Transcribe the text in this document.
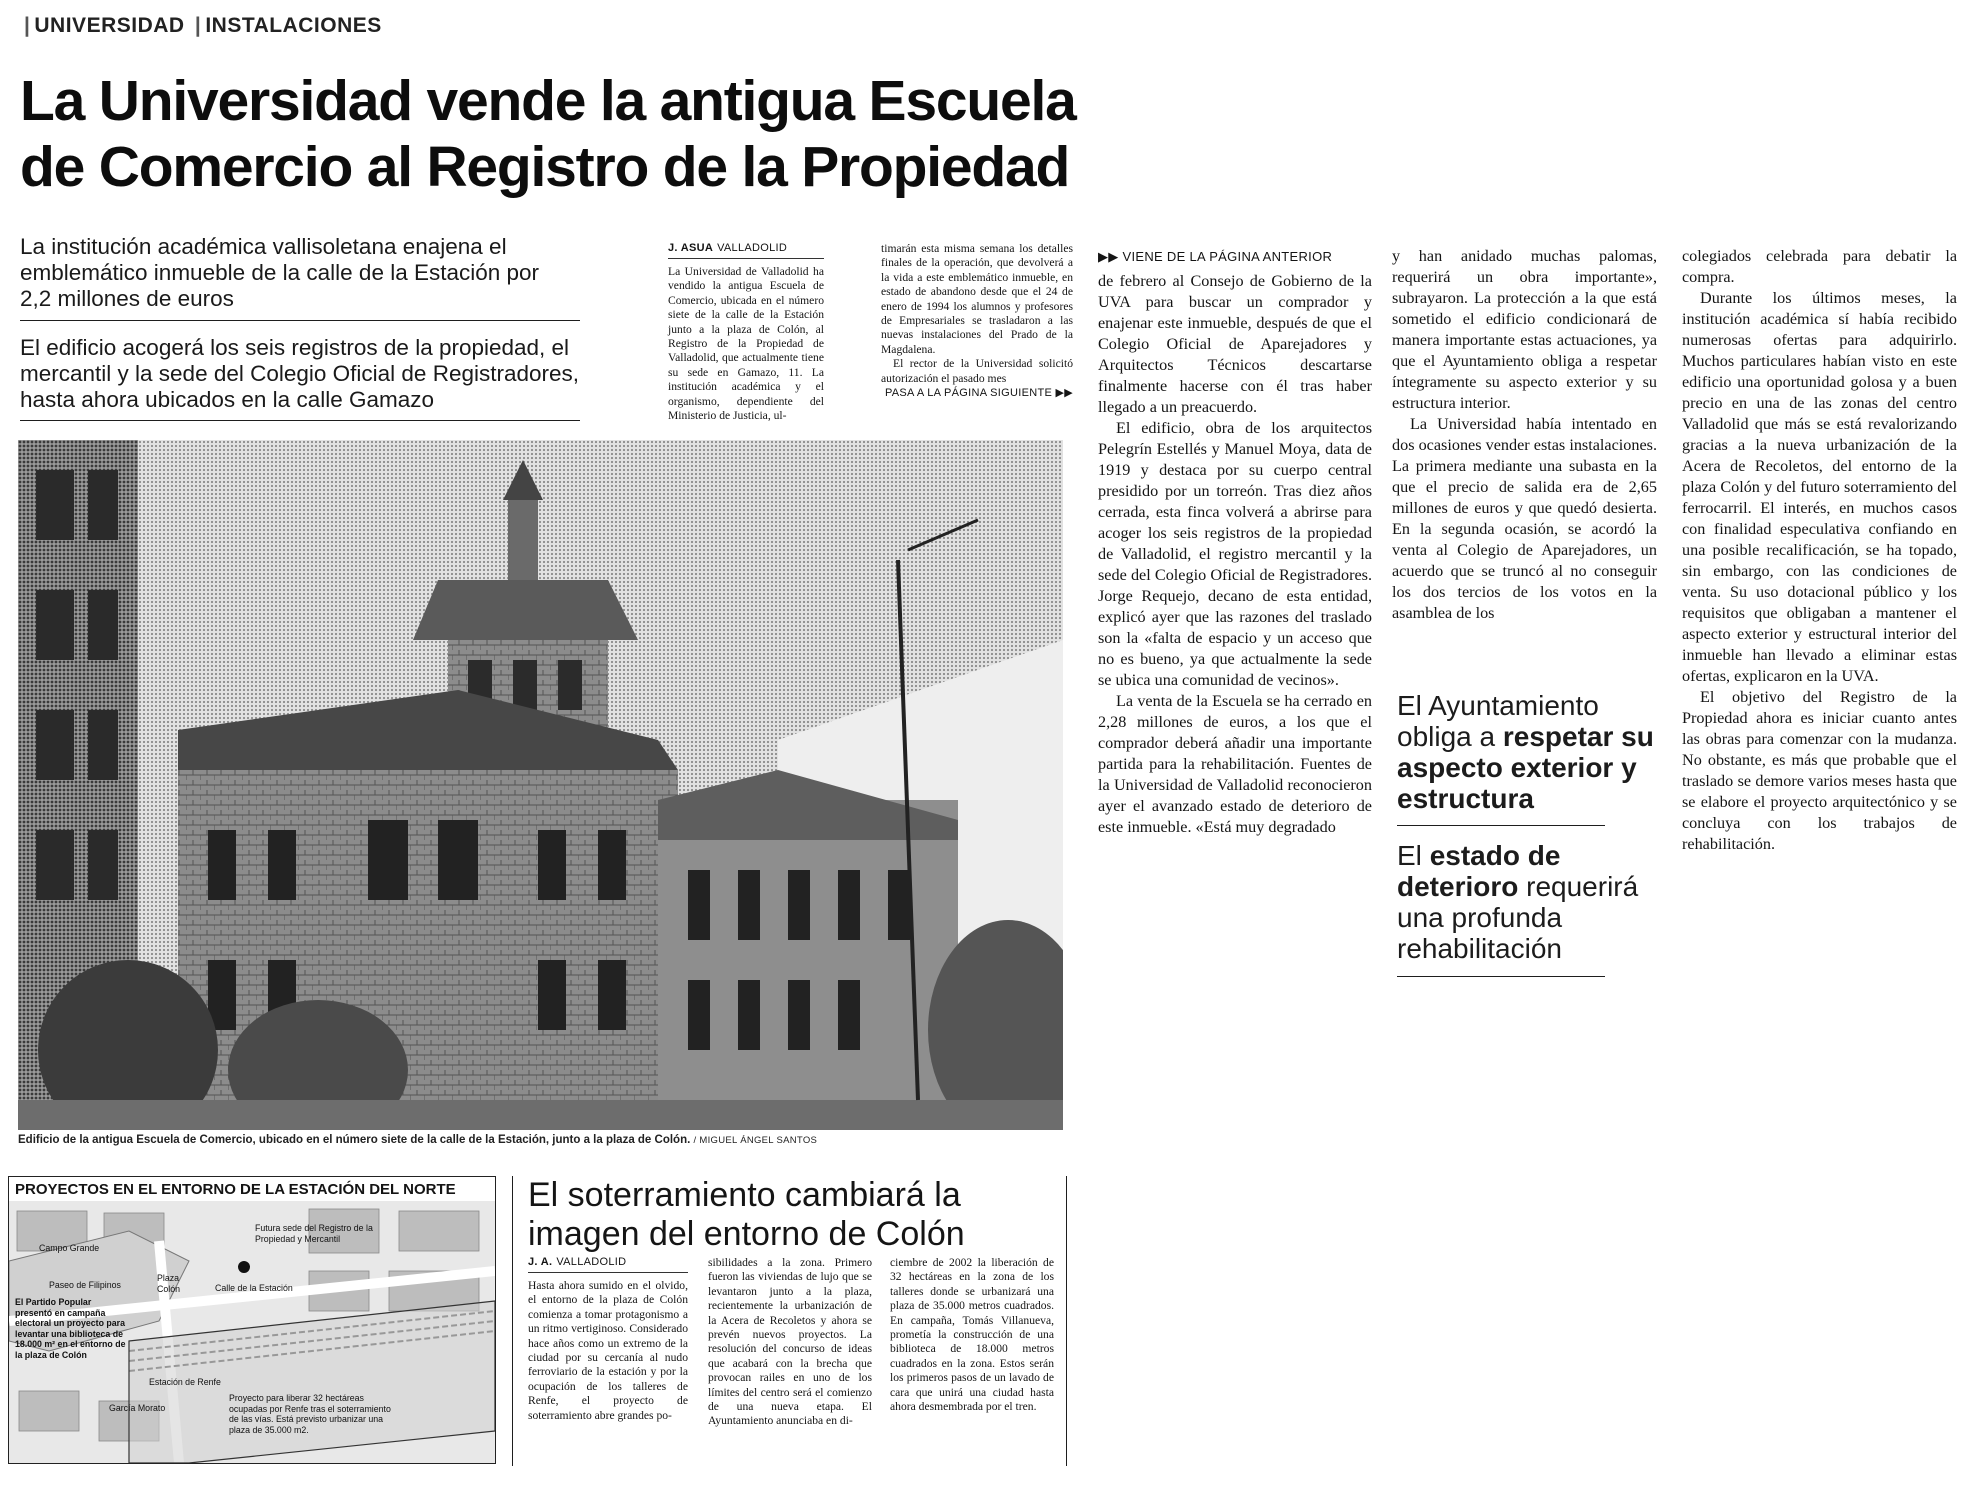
| UNIVERSIDAD | INSTALACIONES
La Universidad vende la antigua Escuela de Comercio al Registro de la Propiedad
La institución académica vallisoletana enajena el emblemático inmueble de la calle de la Estación por 2,2 millones de euros
El edificio acogerá los seis registros de la propiedad, el mercantil y la sede del Colegio Oficial de Registradores, hasta ahora ubicados en la calle Gamazo
J. ASUA VALLADOLID

La Universidad de Valladolid ha vendido la antigua Escuela de Comercio, ubicada en el número siete de la calle de la Estación junto a la plaza de Colón, al Registro de la Propiedad de Valladolid, que actualmente tiene su sede en Gamazo, 11. La institución académica y el organismo, dependiente del Ministerio de Justicia, ul-

timarán esta misma semana los detalles finales de la operación, que devolverá a la vida a este emblemático inmueble, en estado de abandono desde que el 24 de enero de 1994 los alumnos y profesores de Empresariales se trasladaron a las nuevas instalaciones del Prado de la Magdalena.

El rector de la Universidad solicitó autorización el pasado mes

PASA A LA PÁGINA SIGUIENTE ▶▶
Edificio de la antigua Escuela de Comercio, ubicado en el número siete de la calle de la Estación, junto a la plaza de Colón. / MIGUEL ÁNGEL SANTOS
▶▶ VIENE DE LA PÁGINA ANTERIOR

de febrero al Consejo de Gobierno de la UVA para buscar un comprador y enajenar este inmueble, después de que el Colegio Oficial de Aparejadores y Arquitectos Técnicos descartarse finalmente hacerse con él tras haber llegado a un preacuerdo.

El edificio, obra de los arquitectos Pelegrín Estellés y Manuel Moya, data de 1919 y destaca por su cuerpo central presidido por un torreón. Tras diez años cerrada, esta finca volverá a abrirse para acoger los seis registros de la propiedad de Valladolid, el registro mercantil y la sede del Colegio Oficial de Registradores. Jorge Requejo, decano de esta entidad, explicó ayer que las razones del traslado son la «falta de espacio y un acceso que no es bueno, ya que actualmente la sede se ubica una comunidad de vecinos».

La venta de la Escuela se ha cerrado en 2,28 millones de euros, a los que el comprador deberá añadir una importante partida para la rehabilitación. Fuentes de la Universidad de Valladolid reconocieron ayer el avanzado estado de deterioro de este inmueble. «Está muy degradado

y han anidado muchas palomas, requerirá un obra importante», subrayaron. La protección a la que está sometido el edificio condicionará de manera importante estas actuaciones, ya que el Ayuntamiento obliga a respetar íntegramente su aspecto exterior y su estructura interior.

La Universidad había intentado en dos ocasiones vender estas instalaciones. La primera mediante una subasta en la que el precio de salida era de 2,65 millones de euros y que quedó desierta. En la segunda ocasión, se acordó la venta al Colegio de Aparejadores, un acuerdo que se truncó al no conseguir los dos tercios de los votos en la asamblea de los

El Ayuntamiento obliga a respetar su aspecto exterior y estructura
El estado de deterioro requerirá una profunda rehabilitación

colegiados celebrada para debatir la compra.

Durante los últimos meses, la institución académica sí había recibido numerosas ofertas para adquirirlo. Muchos particulares habían visto en este edificio una oportunidad golosa y a buen precio en una de las zonas del centro Valladolid que más se está revalorizando gracias a la nueva urbanización de la Acera de Recoletos, del entorno de la plaza Colón y del futuro soterramiento del ferrocarril. El interés, en muchos casos con finalidad especulativa confiando en una posible recalificación, se ha topado, sin embargo, con las condiciones de venta. Su uso dotacional público y los requisitos que obligaban a mantener el aspecto exterior y estructural interior del inmueble han llevado a eliminar estas ofertas, explicaron en la UVA.

El objetivo del Registro de la Propiedad ahora es iniciar cuanto antes las obras para comenzar con la mudanza. No obstante, es más que probable que el traslado se demore varios meses hasta que se elabore el proyecto arquitectónico y se concluya con los trabajos de rehabilitación.

PROYECTOS EN EL ENTORNO DE LA ESTACIÓN DEL NORTE
Campo Grande
Paseo de Filipinos
Plaza Colón	Calle de la Estación
Futura sede del Registro de la Propiedad y Mercantil
El Partido Popular presentó en campaña electoral un proyecto para levantar una biblioteca de 18.000 m² en el entorno de la plaza de Colón
García Morato
Estación de Renfe
Proyecto para liberar 32 hectáreas ocupadas por Renfe tras el soterramiento de las vías. Está previsto urbanizar una plaza de 35.000 m2.
El soterramiento cambiará la imagen del entorno de Colón
J. A. VALLADOLID

Hasta ahora sumido en el olvido, el entorno de la plaza de Colón comienza a tomar protagonismo a un ritmo vertiginoso. Considerado hace años como un extremo de la ciudad por su cercanía al nudo ferroviario de la estación y por la ocupación de los talleres de Renfe, el proyecto de soterramiento abre grandes po-

sibilidades a la zona. Primero fueron las viviendas de lujo que se levantaron junto a la plaza, recientemente la urbanización de la Acera de Recoletos y ahora se prevén nuevos proyectos. La resolución del concurso de ideas que acabará con la brecha que provocan railes en uno de los límites del centro será el comienzo de una nueva etapa. El Ayuntamiento anunciaba en di-

ciembre de 2002 la liberación de 32 hectáreas en la zona de los talleres donde se urbanizará una plaza de 35.000 metros cuadrados. En campaña, Tomás Villanueva, prometía la construcción de una biblioteca de 18.000 metros cuadrados en la zona. Estos serán los primeros pasos de un lavado de cara que unirá una ciudad hasta ahora desmembrada por el tren.
